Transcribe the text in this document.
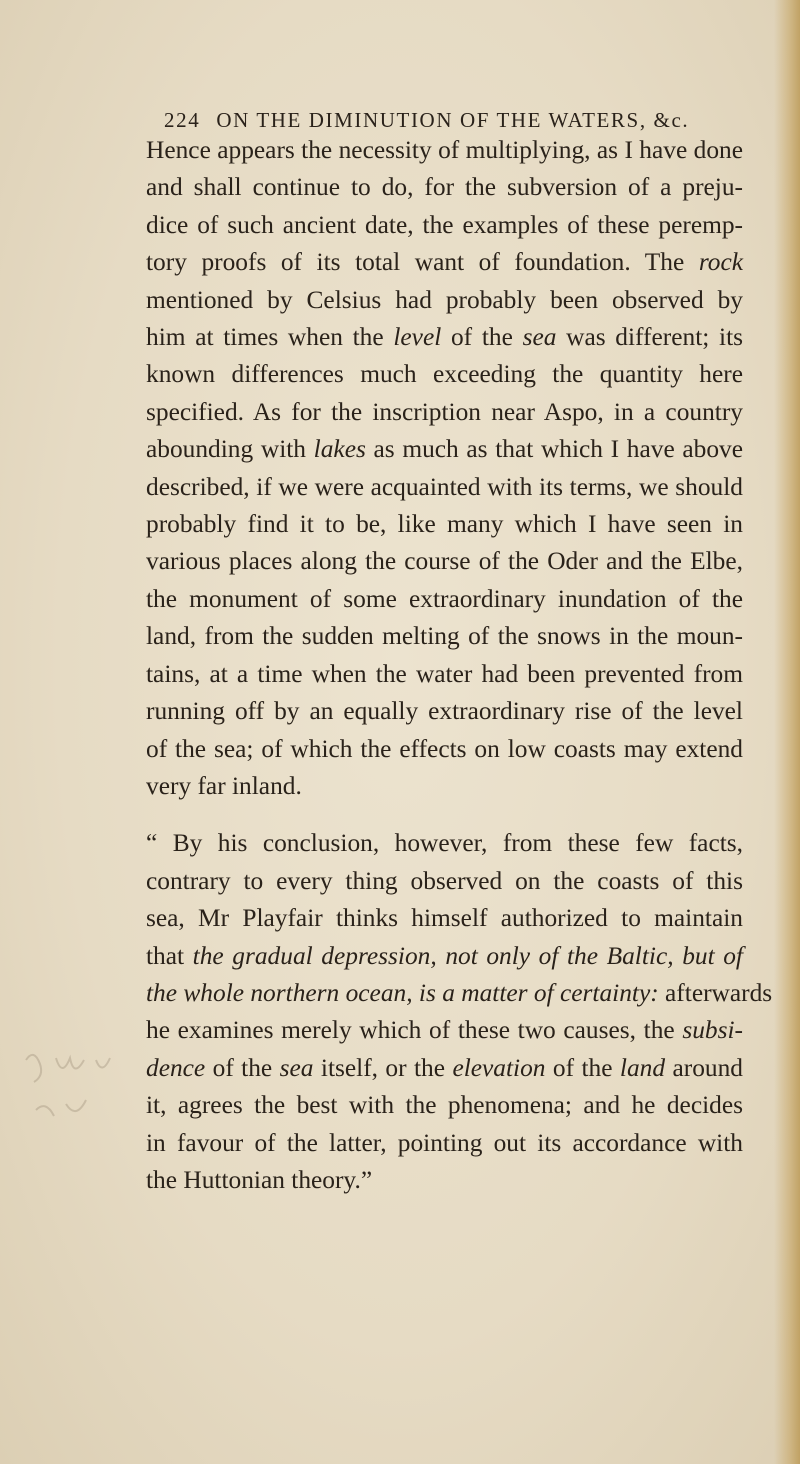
224 ON THE DIMINUTION OF THE WATERS, &c.

Hence appears the necessity of multiplying, as I have done
and shall continue to do, for the subversion of a preju-
dice of such ancient date, the examples of these peremp-
tory proofs of its total want of foundation. The rock
mentioned by Celsius had probably been observed by
him at times when the level of the sea was different; its
known differences much exceeding the quantity here
specified. As for the inscription near Aspo, in a country
abounding with lakes as much as that which I have above
described, if we were acquainted with its terms, we should
probably find it to be, like many which I have seen in
various places along the course of the Oder and the Elbe,
the monument of some extraordinary inundation of the
land, from the sudden melting of the snows in the moun-
tains, at a time when the water had been prevented from
running off by an equally extraordinary rise of the level
of the sea; of which the effects on low coasts may extend
very far inland.

“ By his conclusion, however, from these few facts,
contrary to every thing observed on the coasts of this
sea, Mr Playfair thinks himself authorized to maintain
that the gradual depression, not only of the Baltic, but of
the whole northern ocean, is a matter of certainty: afterwards
he examines merely which of these two causes, the subsi-
dence of the sea itself, or the elevation of the land around
it, agrees the best with the phenomena; and he decides
in favour of the latter, pointing out its accordance with
the Huttonian theory.”
